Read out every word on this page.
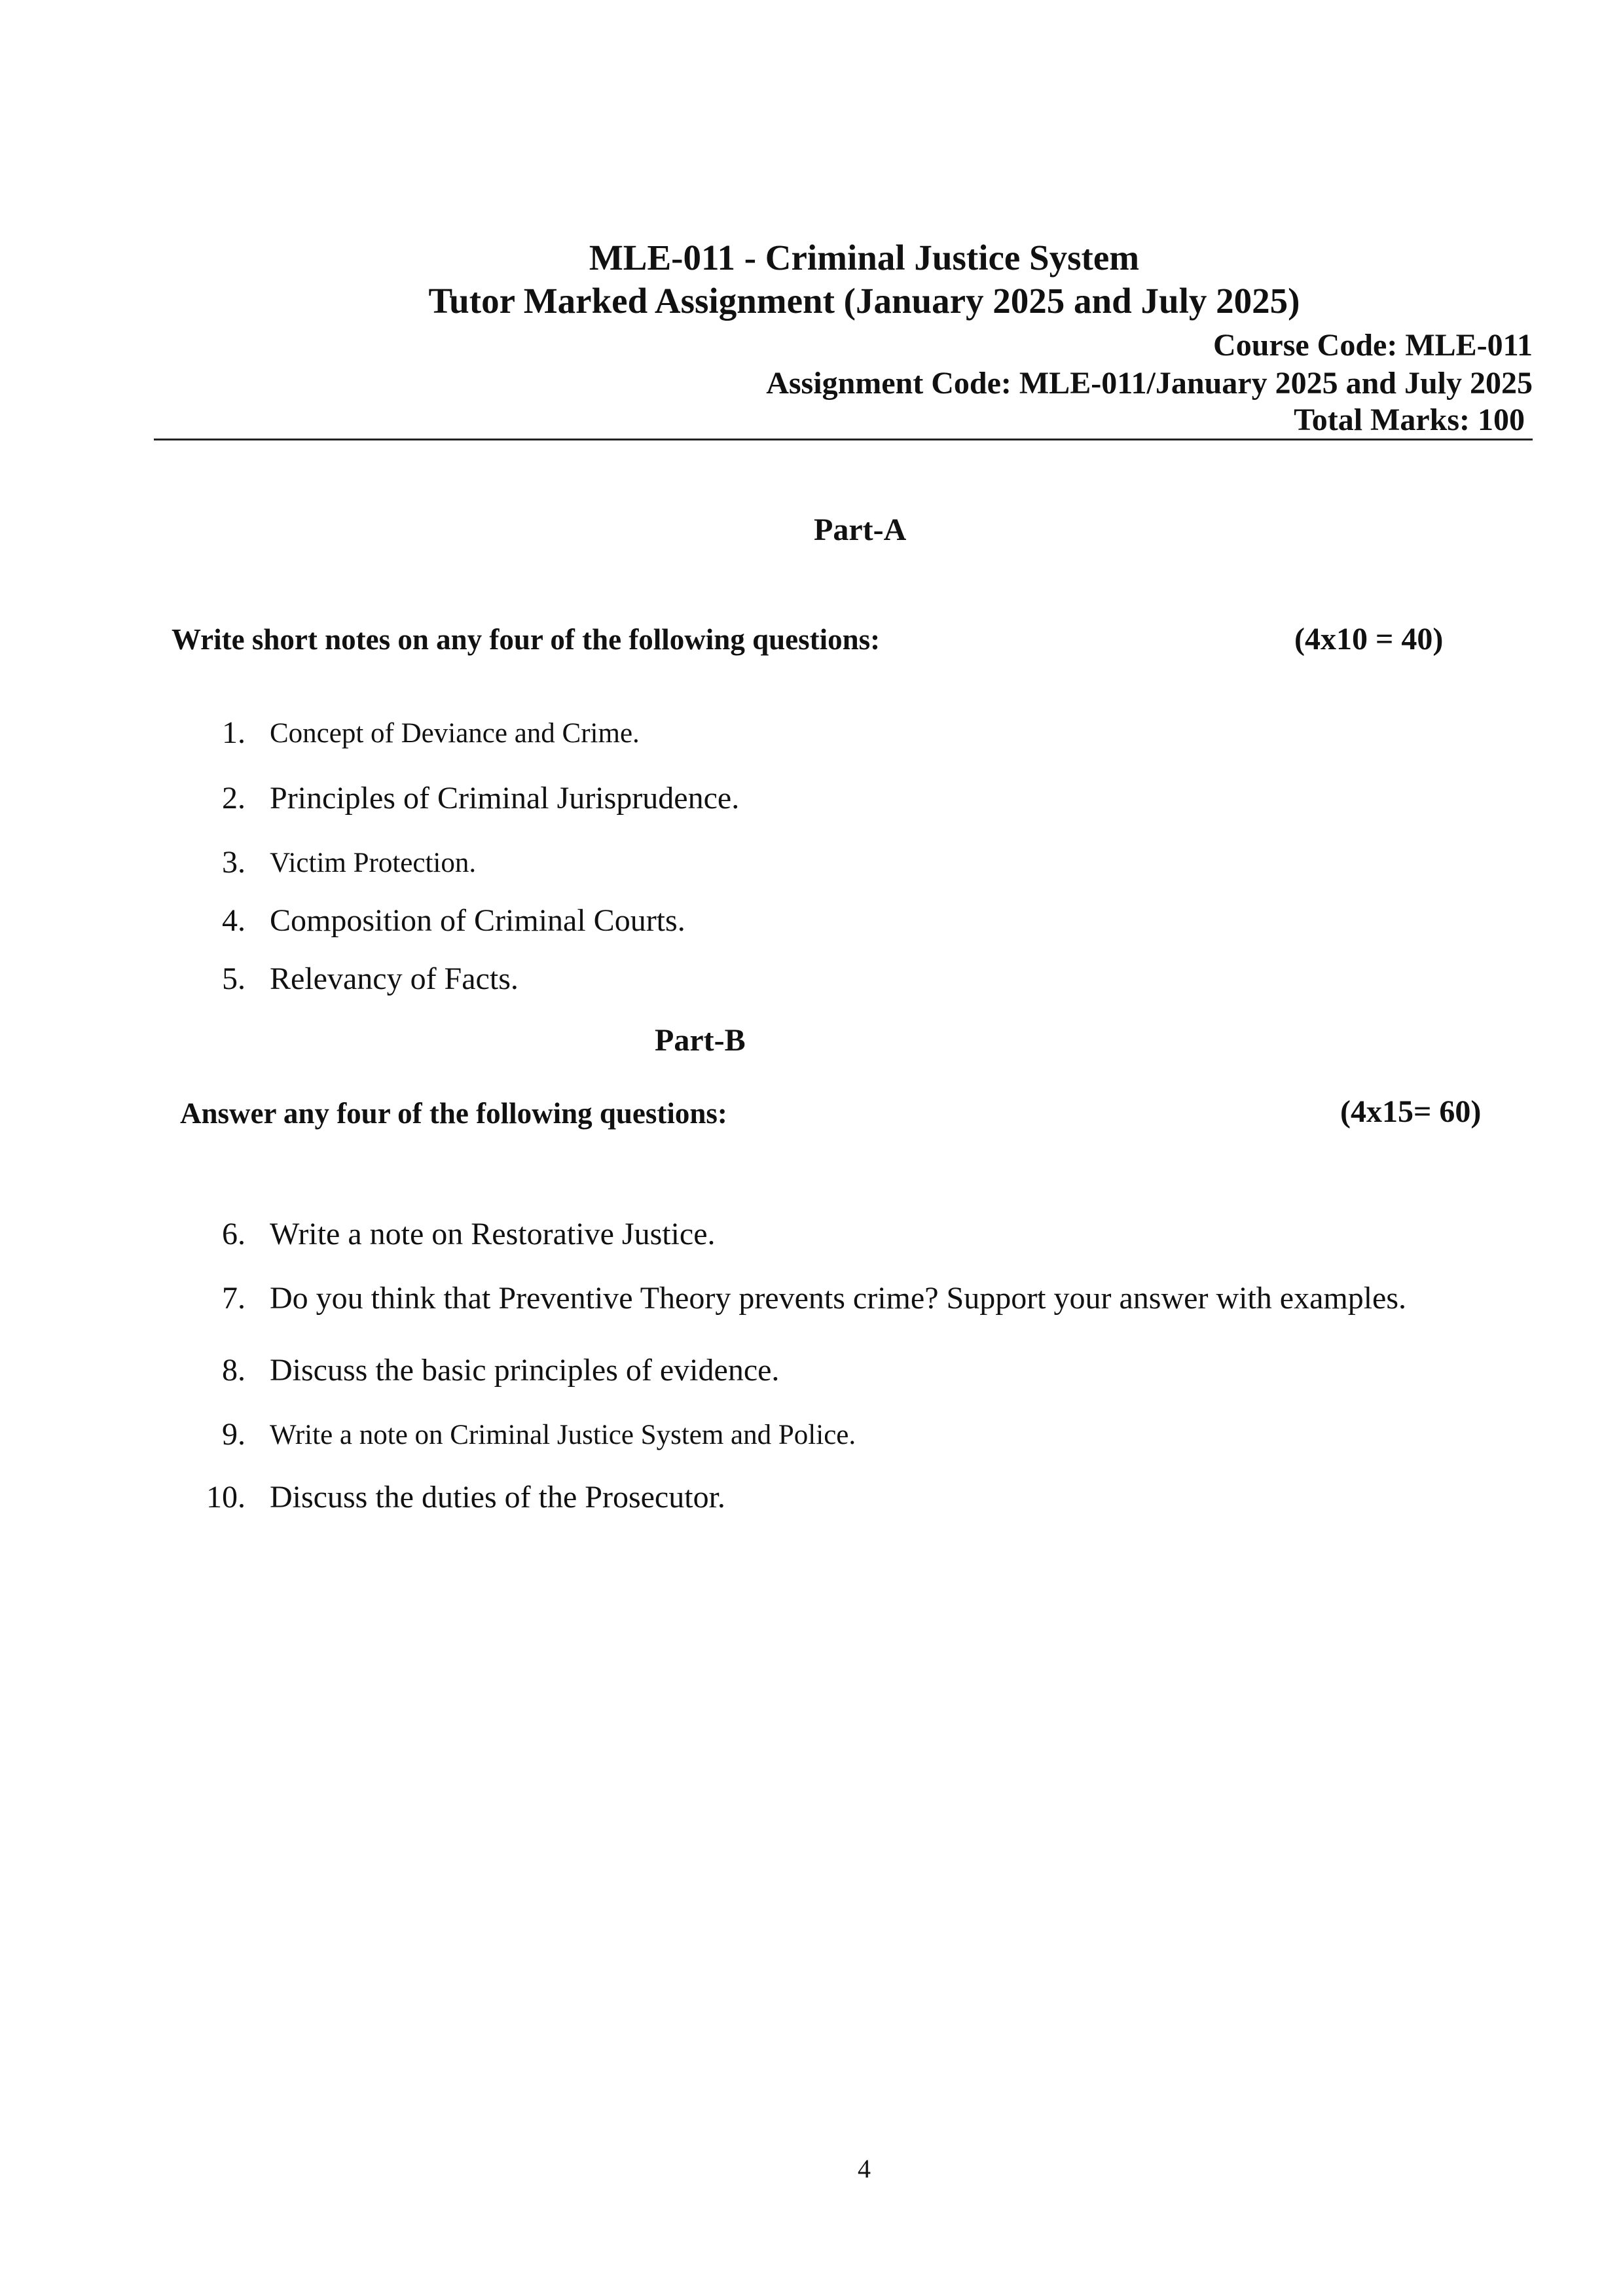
MLE-011 - Criminal Justice System
Tutor Marked Assignment (January 2025 and July 2025)
Course Code: MLE-011
Assignment Code: MLE-011/January 2025 and July 2025
Total Marks: 100
Part-A
Write short notes on any four of the following questions:	(4x10 = 40)
1. Concept of Deviance and Crime.
2. Principles of Criminal Jurisprudence.
3. Victim Protection.
4. Composition of Criminal Courts.
5. Relevancy of Facts.
Part-B
Answer any four of the following questions:	(4x15= 60)
6. Write a note on Restorative Justice.
7. Do you think that Preventive Theory prevents crime? Support your answer with examples.
8. Discuss the basic principles of evidence.
9. Write a note on Criminal Justice System and Police.
10. Discuss the duties of the Prosecutor.
4
